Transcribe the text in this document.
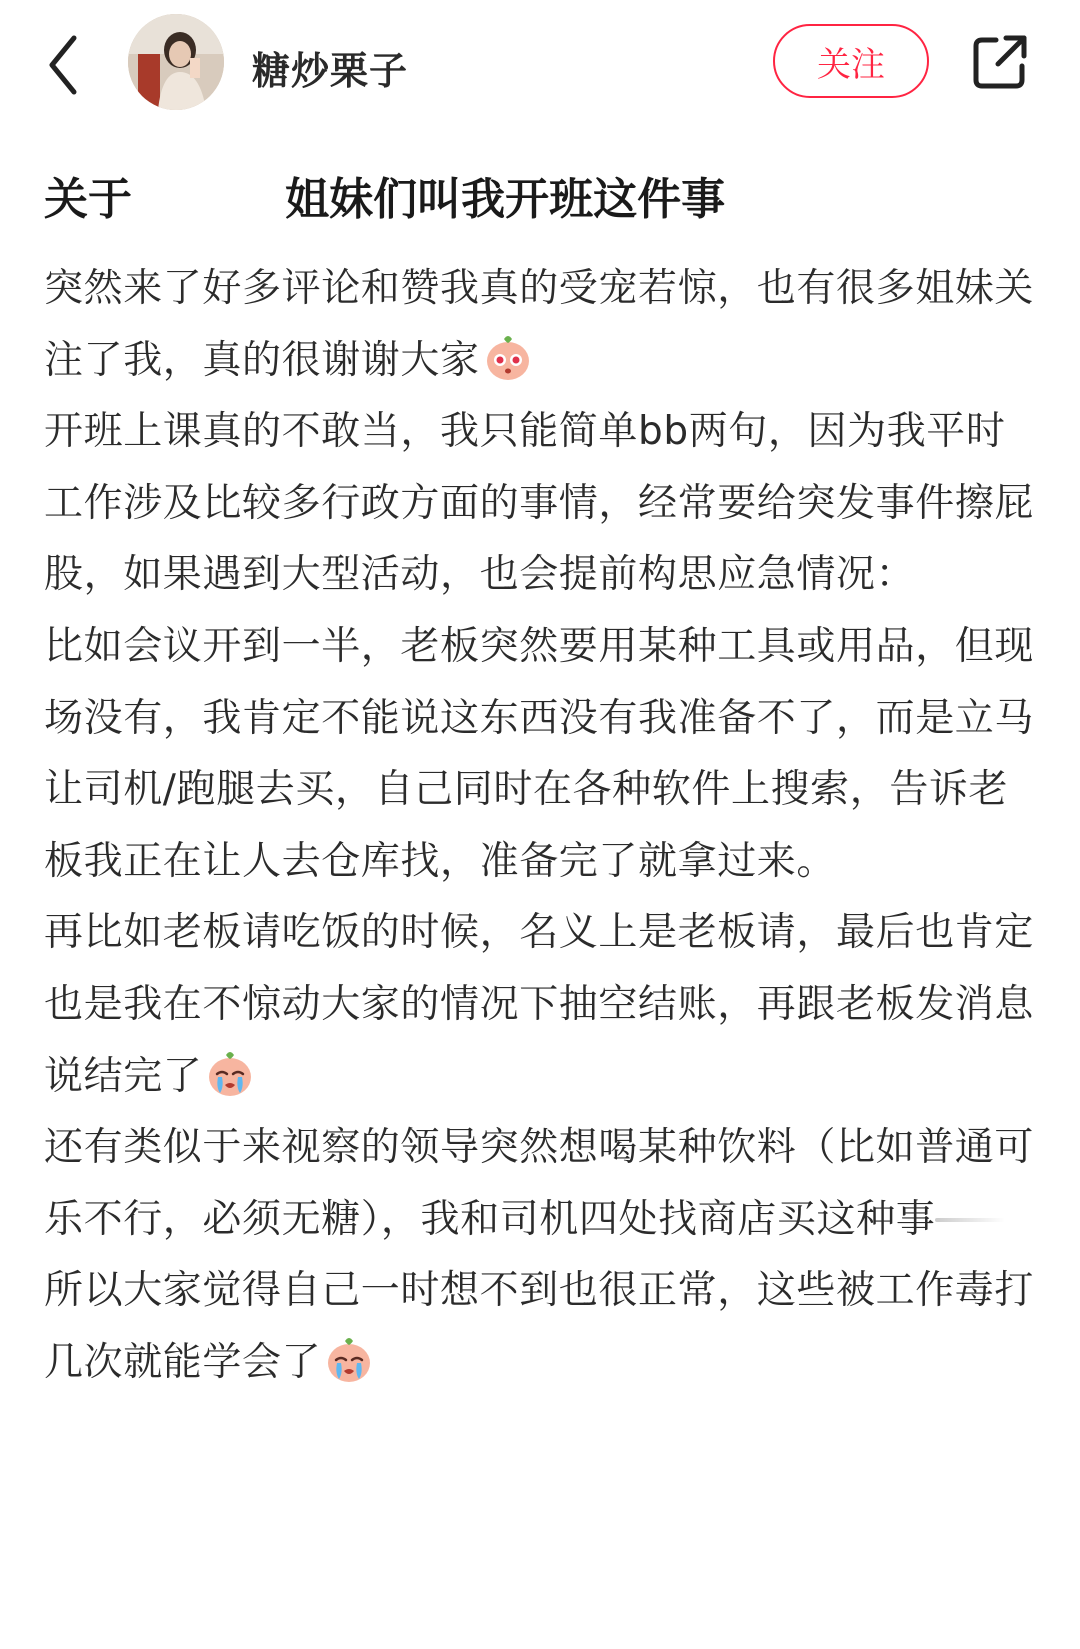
糖炒栗子	关注
关于          姐妹们叫我开班这件事

突然来了好多评论和赞我真的受宠若惊，也有很多姐妹关注了我，真的很谢谢大家

开班上课真的不敢当，我只能简单bb两句，因为我平时工作涉及比较多行政方面的事情，经常要给突发事件擦屁股，如果遇到大型活动，也会提前构思应急情况：

比如会议开到一半，老板突然要用某种工具或用品，但现场没有，我肯定不能说这东西没有我准备不了，而是立马让司机/跑腿去买，自己同时在各种软件上搜索，告诉老板我正在让人去仓库找，准备完了就拿过来。

再比如老板请吃饭的时候，名义上是老板请，最后也肯定也是我在不惊动大家的情况下抽空结账，再跟老板发消息说结完了

还有类似于来视察的领导突然想喝某种饮料（比如普通可乐不行，必须无糖），我和司机四处找商店买这种事

所以大家觉得自己一时想不到也很正常，这些被工作毒打几次就能学会了
